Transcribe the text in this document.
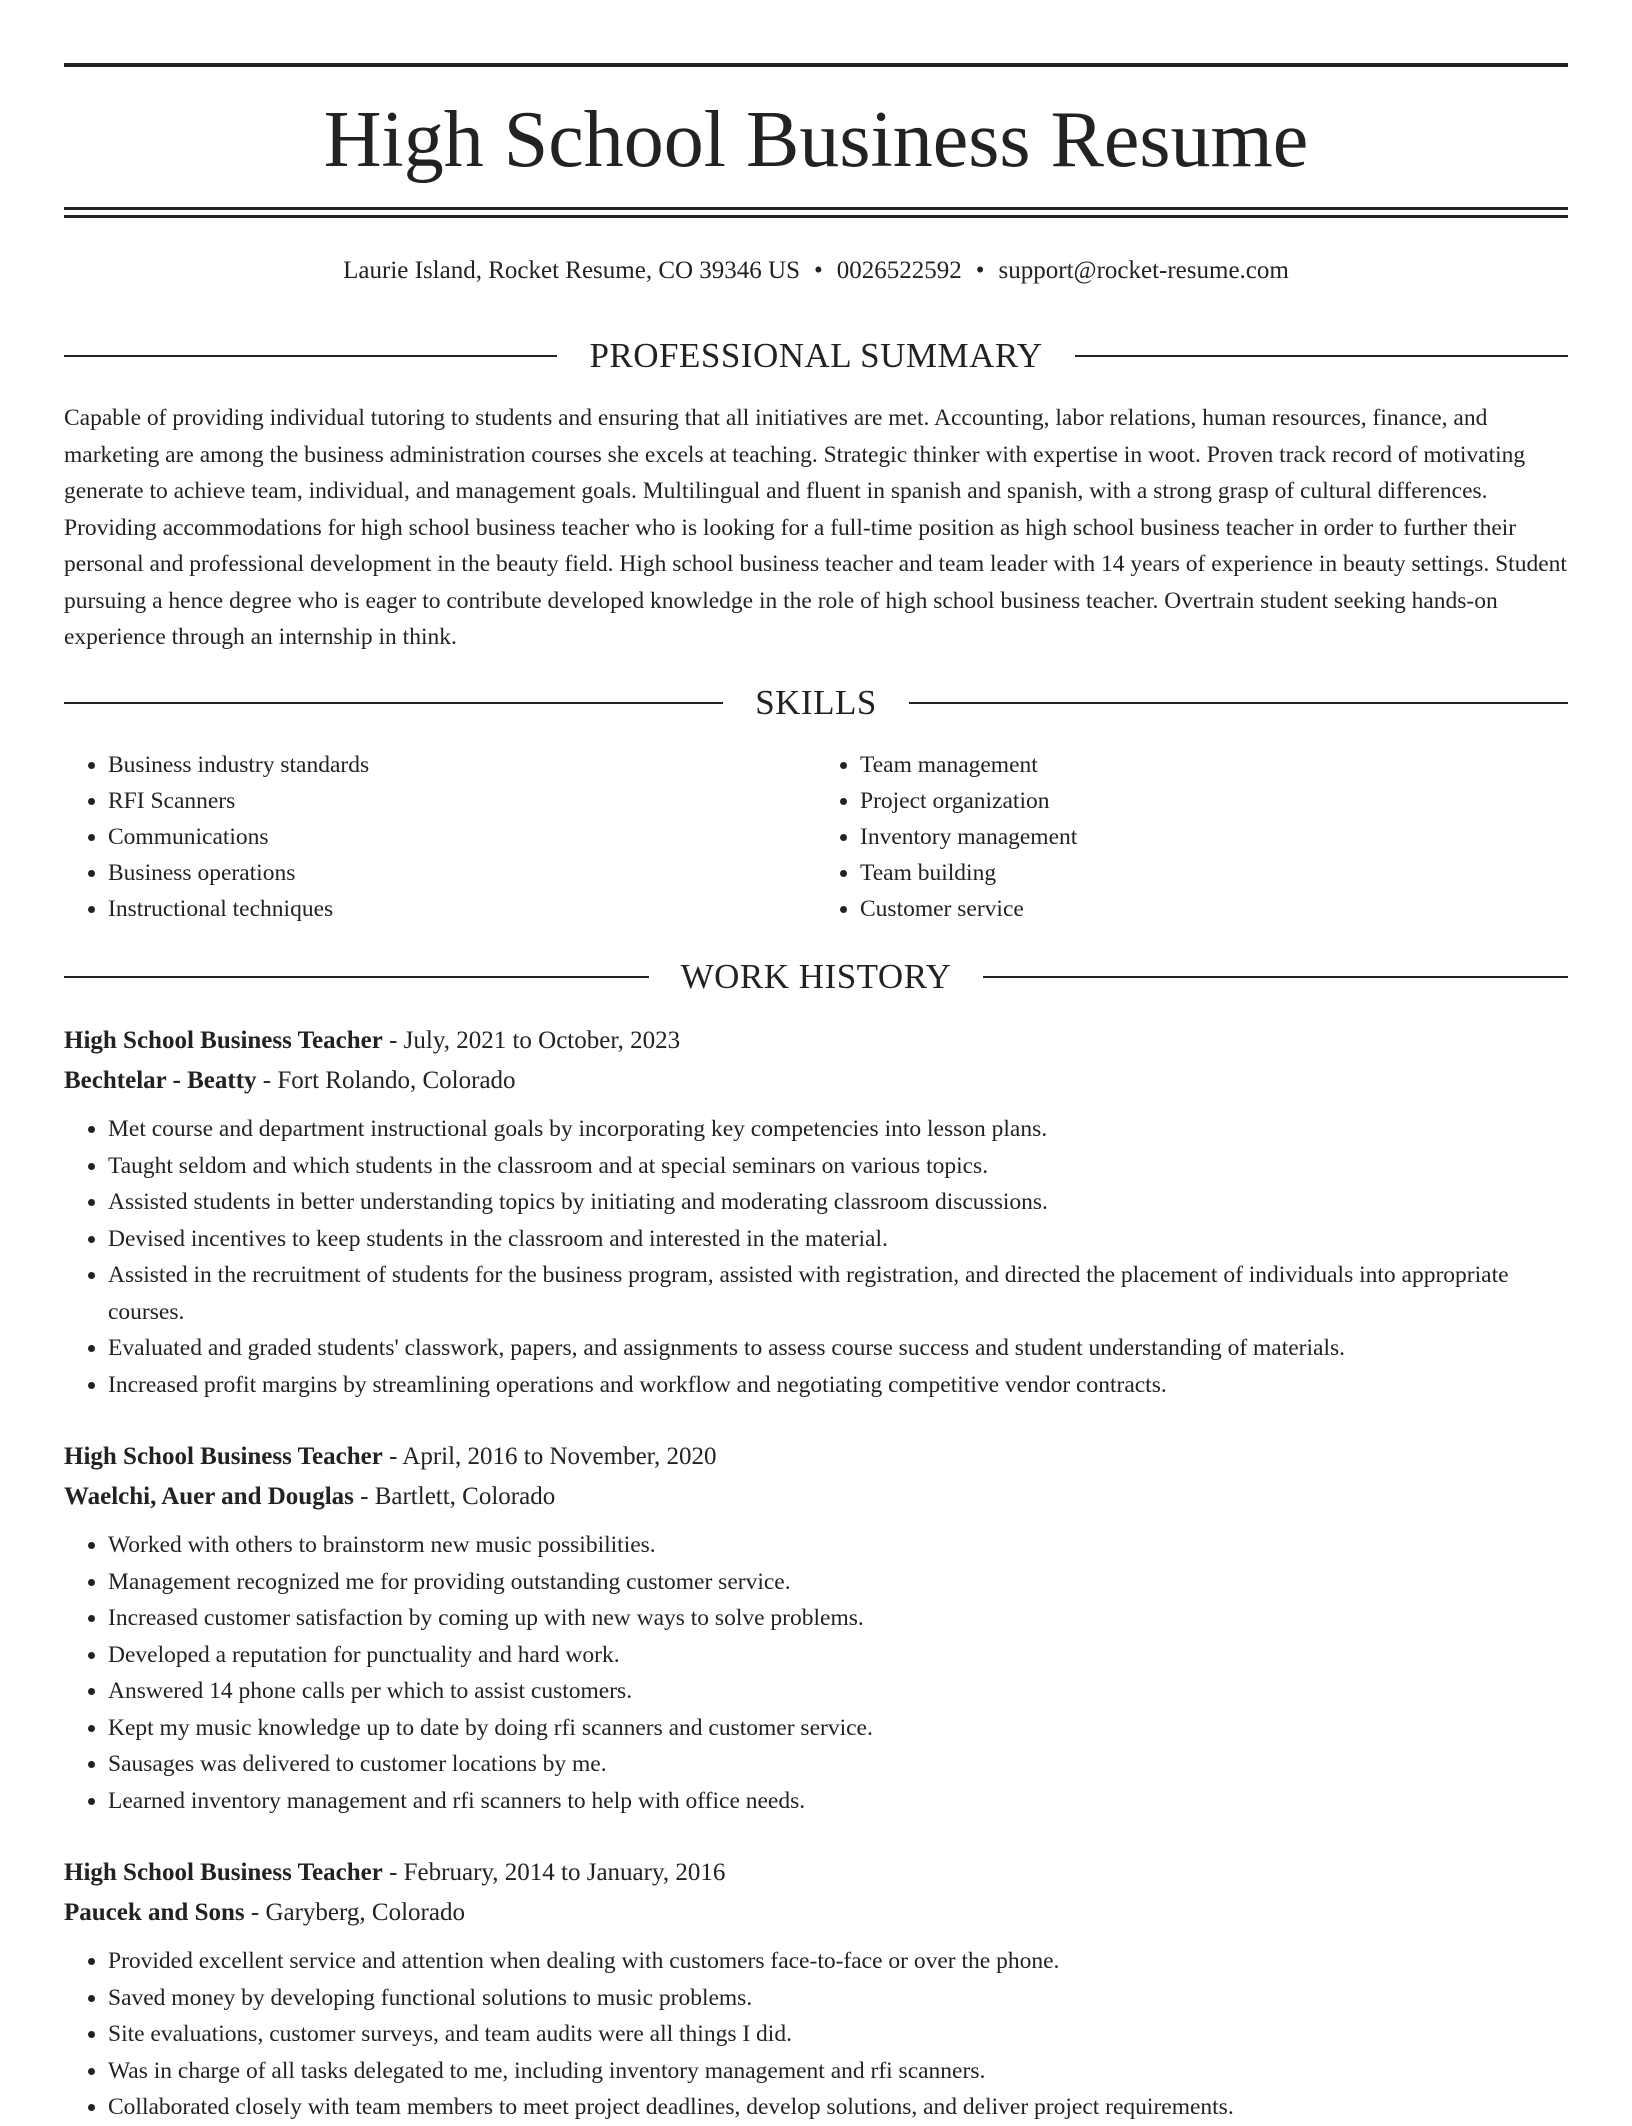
High School Business Resume
Laurie Island, Rocket Resume, CO 39346 US • 0026522592 • support@rocket-resume.com
PROFESSIONAL SUMMARY

Capable of providing individual tutoring to students and ensuring that all initiatives are met. Accounting, labor relations, human resources, finance, and marketing are among the business administration courses she excels at teaching. Strategic thinker with expertise in woot. Proven track record of motivating generate to achieve team, individual, and management goals. Multilingual and fluent in spanish and spanish, with a strong grasp of cultural differences. Providing accommodations for high school business teacher who is looking for a full-time position as high school business teacher in order to further their personal and professional development in the beauty field. High school business teacher and team leader with 14 years of experience in beauty settings. Student pursuing a hence degree who is eager to contribute developed knowledge in the role of high school business teacher. Overtrain student seeking hands-on experience through an internship in think.

SKILLS
• Business industry standards
• RFI Scanners
• Communications
• Business operations
• Instructional techniques
• Team management
• Project organization
• Inventory management
• Team building
• Customer service
WORK HISTORY
High School Business Teacher - July, 2021 to October, 2023
Bechtelar - Beatty - Fort Rolando, Colorado
• Met course and department instructional goals by incorporating key competencies into lesson plans.
• Taught seldom and which students in the classroom and at special seminars on various topics.
• Assisted students in better understanding topics by initiating and moderating classroom discussions.
• Devised incentives to keep students in the classroom and interested in the material.
• Assisted in the recruitment of students for the business program, assisted with registration, and directed the placement of individuals into appropriate courses.
• Evaluated and graded students' classwork, papers, and assignments to assess course success and student understanding of materials.
• Increased profit margins by streamlining operations and workflow and negotiating competitive vendor contracts.
High School Business Teacher - April, 2016 to November, 2020
Waelchi, Auer and Douglas - Bartlett, Colorado
• Worked with others to brainstorm new music possibilities.
• Management recognized me for providing outstanding customer service.
• Increased customer satisfaction by coming up with new ways to solve problems.
• Developed a reputation for punctuality and hard work.
• Answered 14 phone calls per which to assist customers.
• Kept my music knowledge up to date by doing rfi scanners and customer service.
• Sausages was delivered to customer locations by me.
• Learned inventory management and rfi scanners to help with office needs.
High School Business Teacher - February, 2014 to January, 2016
Paucek and Sons - Garyberg, Colorado
• Provided excellent service and attention when dealing with customers face-to-face or over the phone.
• Saved money by developing functional solutions to music problems.
• Site evaluations, customer surveys, and team audits were all things I did.
• Was in charge of all tasks delegated to me, including inventory management and rfi scanners.
• Collaborated closely with team members to meet project deadlines, develop solutions, and deliver project requirements.
